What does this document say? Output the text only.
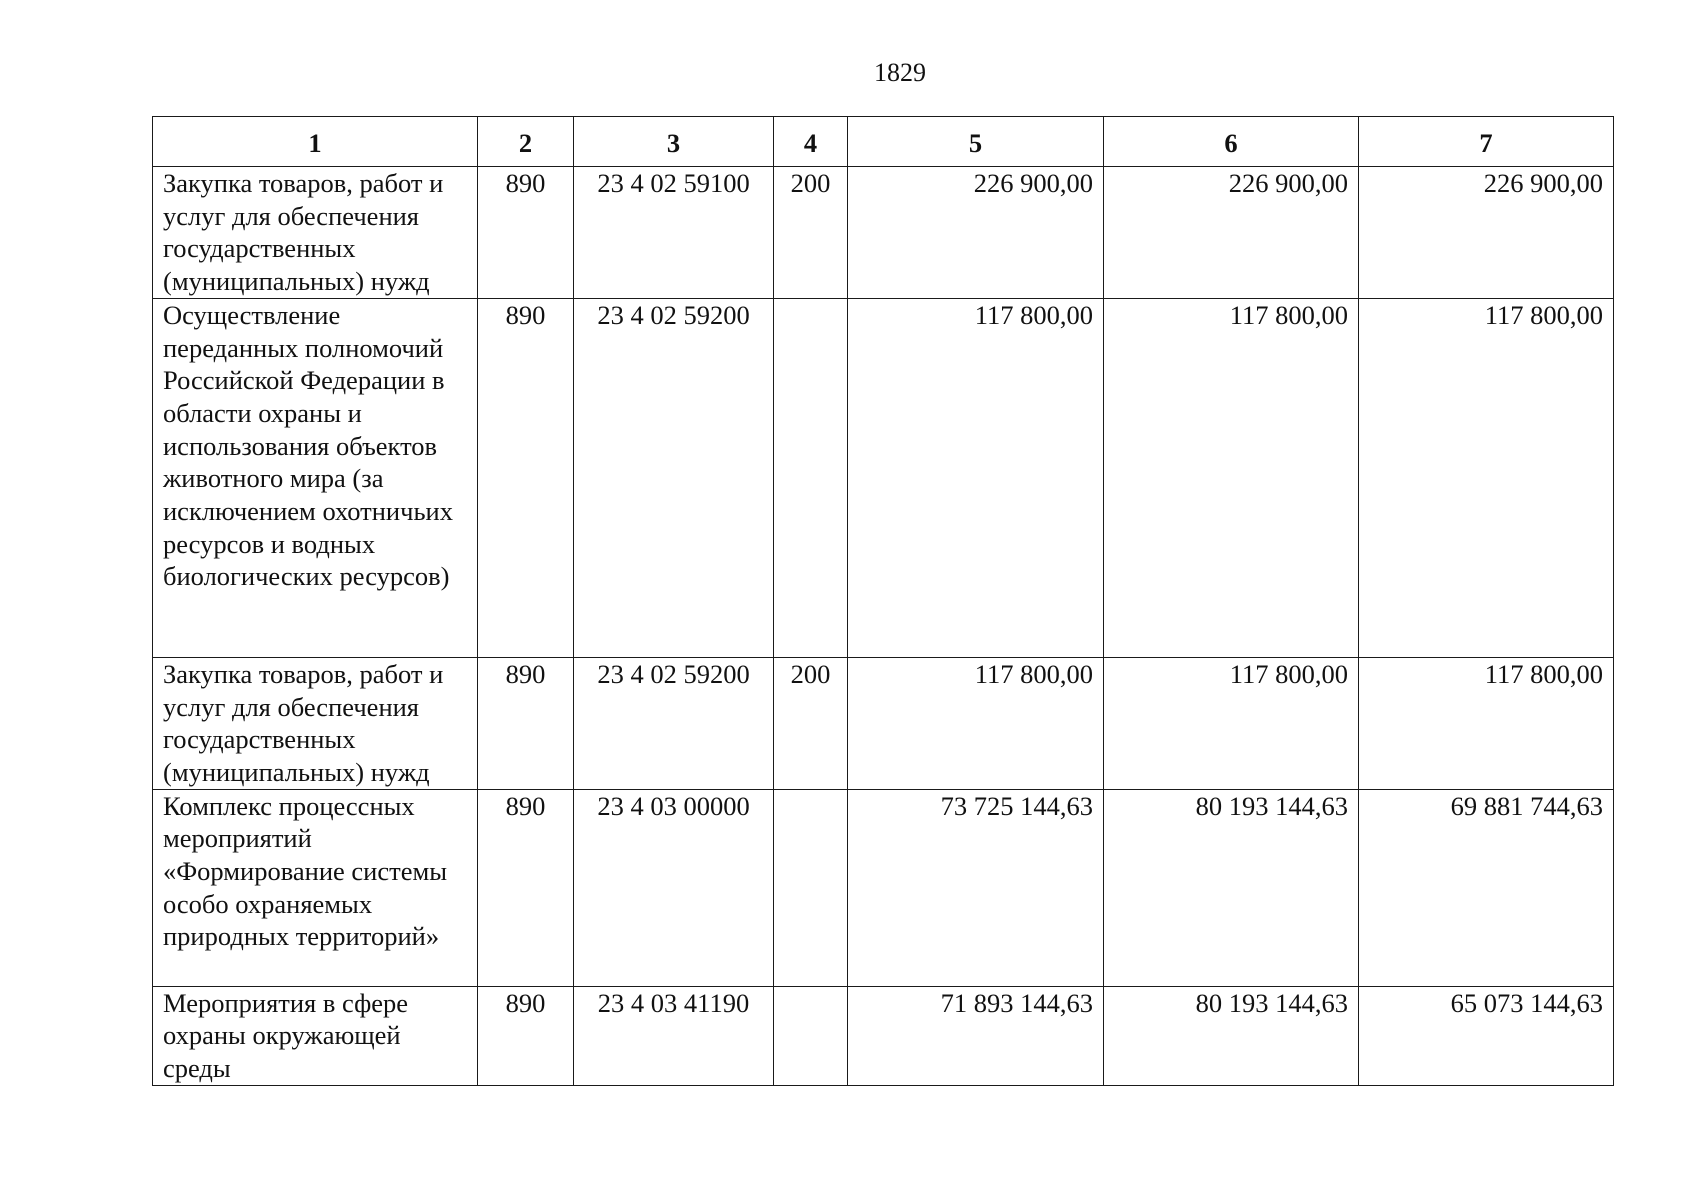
1829
1	2	3	4	5	6	7
Закупка товаров, работ и услуг для обеспечения государственных (муниципальных) нужд	890	23 4 02 59100	200	226 900,00	226 900,00	226 900,00
Осуществление переданных полномочий Российской Федерации в области охраны и использования объектов животного мира (за исключением охотничьих ресурсов и водных биологических ресурсов)	890	23 4 02 59200		117 800,00	117 800,00	117 800,00
Закупка товаров, работ и услуг для обеспечения государственных (муниципальных) нужд	890	23 4 02 59200	200	117 800,00	117 800,00	117 800,00
Комплекс процессных мероприятий «Формирование системы особо охраняемых природных территорий»	890	23 4 03 00000		73 725 144,63	80 193 144,63	69 881 744,63
Мероприятия в сфере охраны окружающей среды	890	23 4 03 41190		71 893 144,63	80 193 144,63	65 073 144,63
